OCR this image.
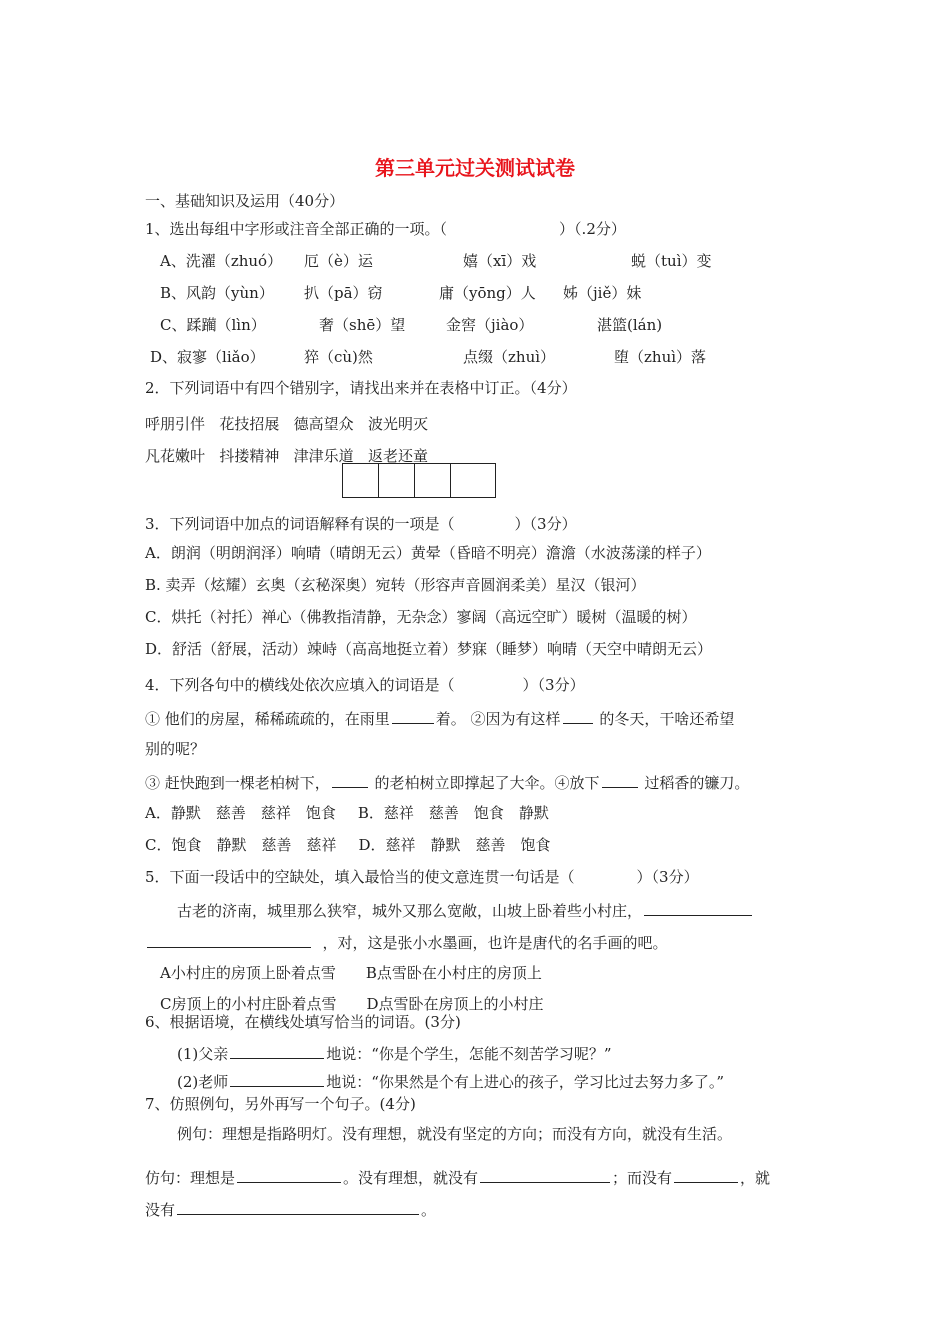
第三单元过关测试试卷
一、基础知识及运用（40分）
1、选出每组中字形或注音全部正确的一项。（	）（.2分）
A、洗濯（zhuó） 厄（è）运	嬉（xī）戏	蜕（tuì）变
B、风韵（yùn） 扒（pā）窃	庸（yōng）人 姊（jiě）妹
C、蹂躏（lìn）	奢（shē）望	金窖（jiào）	湛篮(lán)
D、寂寥（liǎo）	猝（cù)然	点缀（zhuì）	堕（zhuì）落
2．下列词语中有四个错别字，请找出来并在表格中订正。（4分）
呼朋引伴 花技招展 德高望众 波光明灭
凡花嫩叶 抖搂精神 津津乐道 返老还童
3．下列词语中加点的词语解释有误的一项是（	）（3分）
A．朗润（明朗润泽）响晴（晴朗无云）黄晕（昏暗不明亮）澹澹（水波荡漾的样子）
B. 卖弄（炫耀）玄奥（玄秘深奥）宛转（形容声音圆润柔美）星汉（银河）
C．烘托（衬托）禅心（佛教指清静，无杂念）寥阔（高远空旷）暖树（温暖的树）
D．舒活（舒展，活动）竦峙（高高地挺立着）梦寐（睡梦）响晴（天空中晴朗无云）
4．下列各句中的横线处依次应填入的词语是（	）（3分）
① 他们的房屋，稀稀疏疏的，在雨里	着。 ②因为有这样 的冬天，干啥还希望
别的呢？
③ 赶快跑到一棵老柏树下，	的老柏树立即撑起了大伞。④放下	过稻香的镰刀。
A．静默　慈善　慈祥　饱食 B．慈祥　慈善　饱食　静默
C．饱食　静默　慈善　慈祥 D．慈祥　静默　慈善　饱食
5．下面一段话中的空缺处，填入最恰当的使文意连贯一句话是（	）（3分）
古老的济南，城里那么狭窄，城外又那么宽敞，山坡上卧着些小村庄，
，对，这是张小水墨画，也许是唐代的名手画的吧。
A小村庄的房顶上卧着点雪 B点雪卧在小村庄的房顶上
C房顶上的小村庄卧着点雪 D点雪卧在房顶上的小村庄
6、根据语境，在横线处填写恰当的词语。(3分)
(1)父亲	地说：“你是个学生，怎能不刻苦学习呢？”
(2)老师	地说：“你果然是个有上进心的孩子，学习比过去努力多了。”
7、仿照例句，另外再写一个句子。(4分)
例句：理想是指路明灯。没有理想，就没有坚定的方向；而没有方向，就没有生活。
仿句：理想是	。没有理想，就没有	；而没有	，就
没有	。
